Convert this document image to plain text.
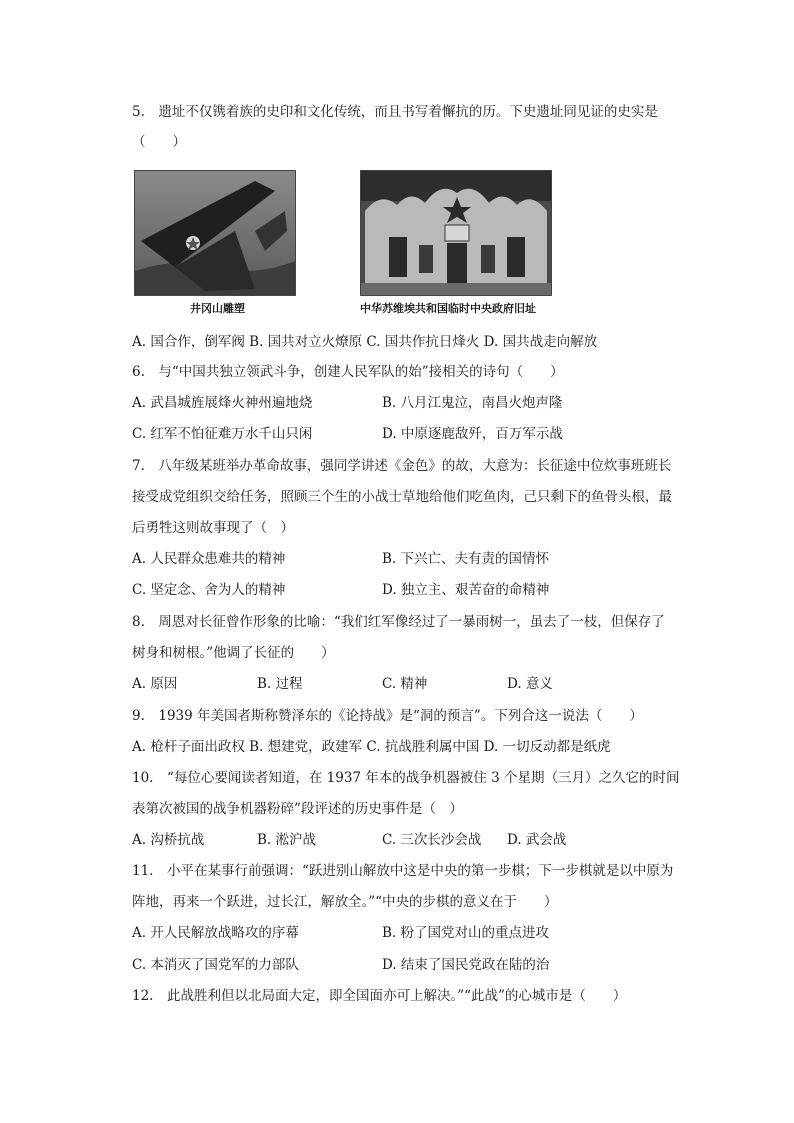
5.　遗址不仅镌着族的史印和文化传统，而且书写着懈抗的历。下史遗址同见证的史实是
（　　）
井冈山雕塑	中华苏维埃共和国临时中央政府旧址
A. 国合作，倒军阀 B. 国共对立火燎原 C. 国共作抗日烽火 D. 国共战走向解放
6.　与“中国共独立领武斗争，创建人民军队的始”接相关的诗句（　　）
A. 武昌城旌展烽火神州遍地烧	B. 八月江鬼泣，南昌火炮声隆
C. 红军不怕征难万水千山只闲	D. 中原逐鹿敌歼，百万军示战
7.　八年级某班举办革命故事，强同学讲述《金色》的故，大意为：长征途中位炊事班班长
接受成党组织交给任务，照顾三个生的小战士草地给他们吃鱼肉，己只剩下的鱼骨头根，最
后勇牲这则故事现了（　）
A. 人民群众患难共的精神	B. 下兴亡、夫有责的国情怀
C. 坚定念、舍为人的精神	D. 独立主、艰苦奋的命精神
8.　周恩对长征曾作形象的比喻：“我们红军像经过了一暴雨树一，虽去了一枝，但保存了
树身和树根。”他调了长征的　　）
A. 原因	B. 过程	C. 精神	D. 意义
9.　1939 年美国者斯称赞泽东的《论持战》是“洞的预言”。下列合这一说法（　　）
A. 枪杆子面出政权 B. 想建党，政建军 C. 抗战胜利属中国 D. 一切反动都是纸虎
10.　“每位心要闻读者知道，在 1937 年本的战争机器被住 3 个星期（三月）之久它的时间
表第次被国的战争机器粉碎”段评述的历史事件是（　）
A. 沟桥抗战	B. 淞沪战	C. 三次长沙会战 D. 武会战
11.　小平在某事行前强调：“跃进别山解放中这是中央的第一步棋；下一步棋就是以中原为
阵地，再来一个跃进，过长江，解放全。”“中央的步棋的意义在于　　）
A. 开人民解放战略攻的序幕	B. 粉了国党对山的重点进攻
C. 本消灭了国党军的力部队	D. 结束了国民党政在陆的治
12.　此战胜利但以北局面大定，即全国面亦可上解决。”“此战”的心城市是（　　）
